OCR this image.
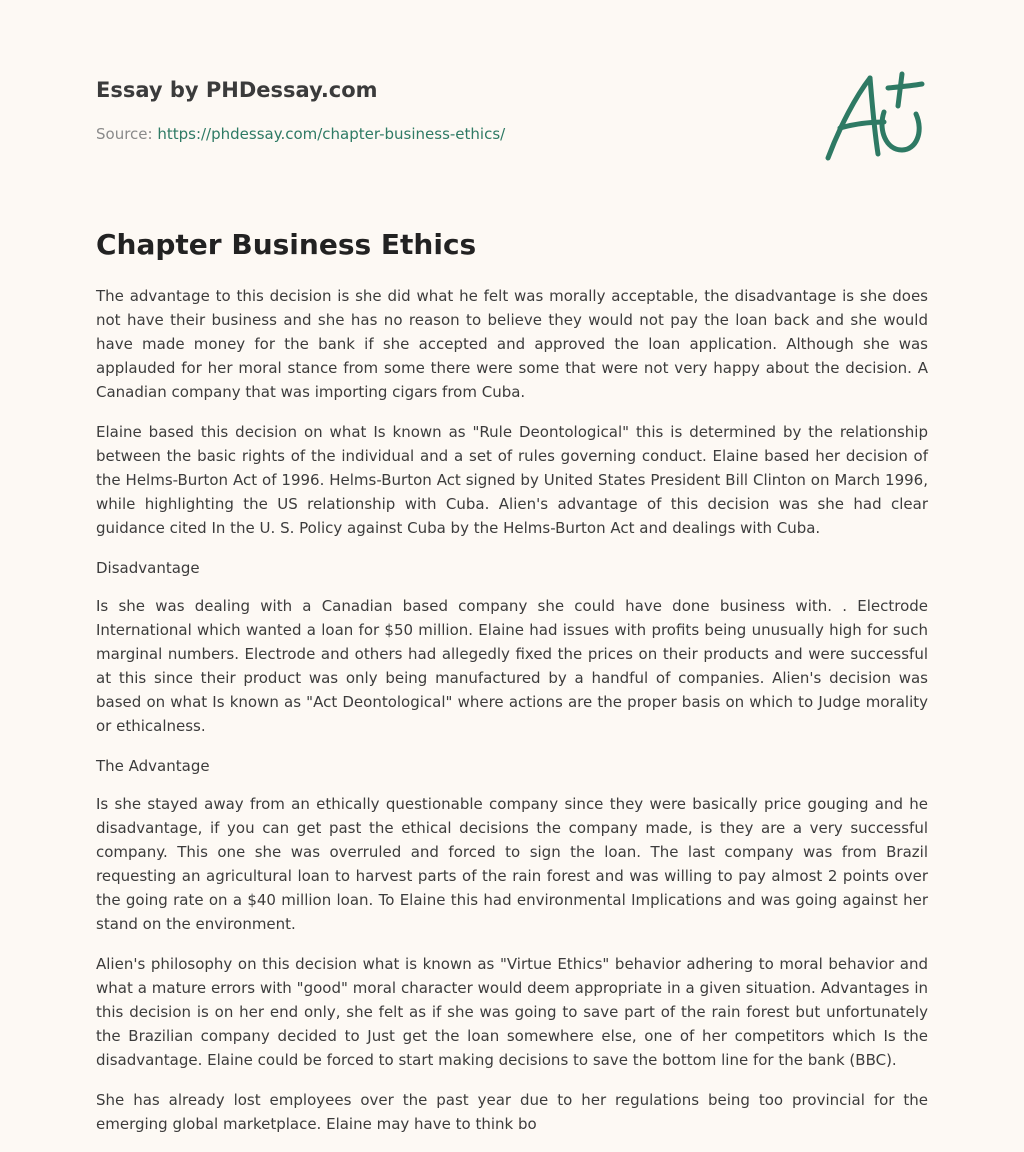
Essay by PHDessay.com
Source: https://phdessay.com/chapter-business-ethics/
Chapter Business Ethics

The advantage to this decision is she did what he felt was morally acceptable, the disadvantage is she does not have their business and she has no reason to believe they would not pay the loan back and she would have made money for the bank if she accepted and approved the loan application. Although she was applauded for her moral stance from some there were some that were not very happy about the decision. A Canadian company that was importing cigars from Cuba.

Elaine based this decision on what Is known as "Rule Deontological" this is determined by the relationship between the basic rights of the individual and a set of rules governing conduct. Elaine based her decision of the Helms-Burton Act of 1996. Helms-Burton Act signed by United States President Bill Clinton on March 1996, while highlighting the US relationship with Cuba. Alien's advantage of this decision was she had clear guidance cited In the U. S. Policy against Cuba by the Helms-Burton Act and dealings with Cuba.

Disadvantage

Is she was dealing with a Canadian based company she could have done business with. . Electrode International which wanted a loan for $50 million. Elaine had issues with profits being unusually high for such marginal numbers. Electrode and others had allegedly fixed the prices on their products and were successful at this since their product was only being manufactured by a handful of companies. Alien's decision was based on what Is known as "Act Deontological" where actions are the proper basis on which to Judge morality or ethicalness.

The Advantage

Is she stayed away from an ethically questionable company since they were basically price gouging and he disadvantage, if you can get past the ethical decisions the company made, is they are a very successful company. This one she was overruled and forced to sign the loan. The last company was from Brazil requesting an agricultural loan to harvest parts of the rain forest and was willing to pay almost 2 points over the going rate on a $40 million loan. To Elaine this had environmental Implications and was going against her stand on the environment.

Alien's philosophy on this decision what is known as "Virtue Ethics" behavior adhering to moral behavior and what a mature errors with "good" moral character would deem appropriate in a given situation. Advantages in this decision is on her end only, she felt as if she was going to save part of the rain forest but unfortunately the Brazilian company decided to Just get the loan somewhere else, one of her competitors which Is the disadvantage. Elaine could be forced to start making decisions to save the bottom line for the bank (BBC).

She has already lost employees over the past year due to her regulations being too provincial for the emerging global marketplace. Elaine may have to think bo
